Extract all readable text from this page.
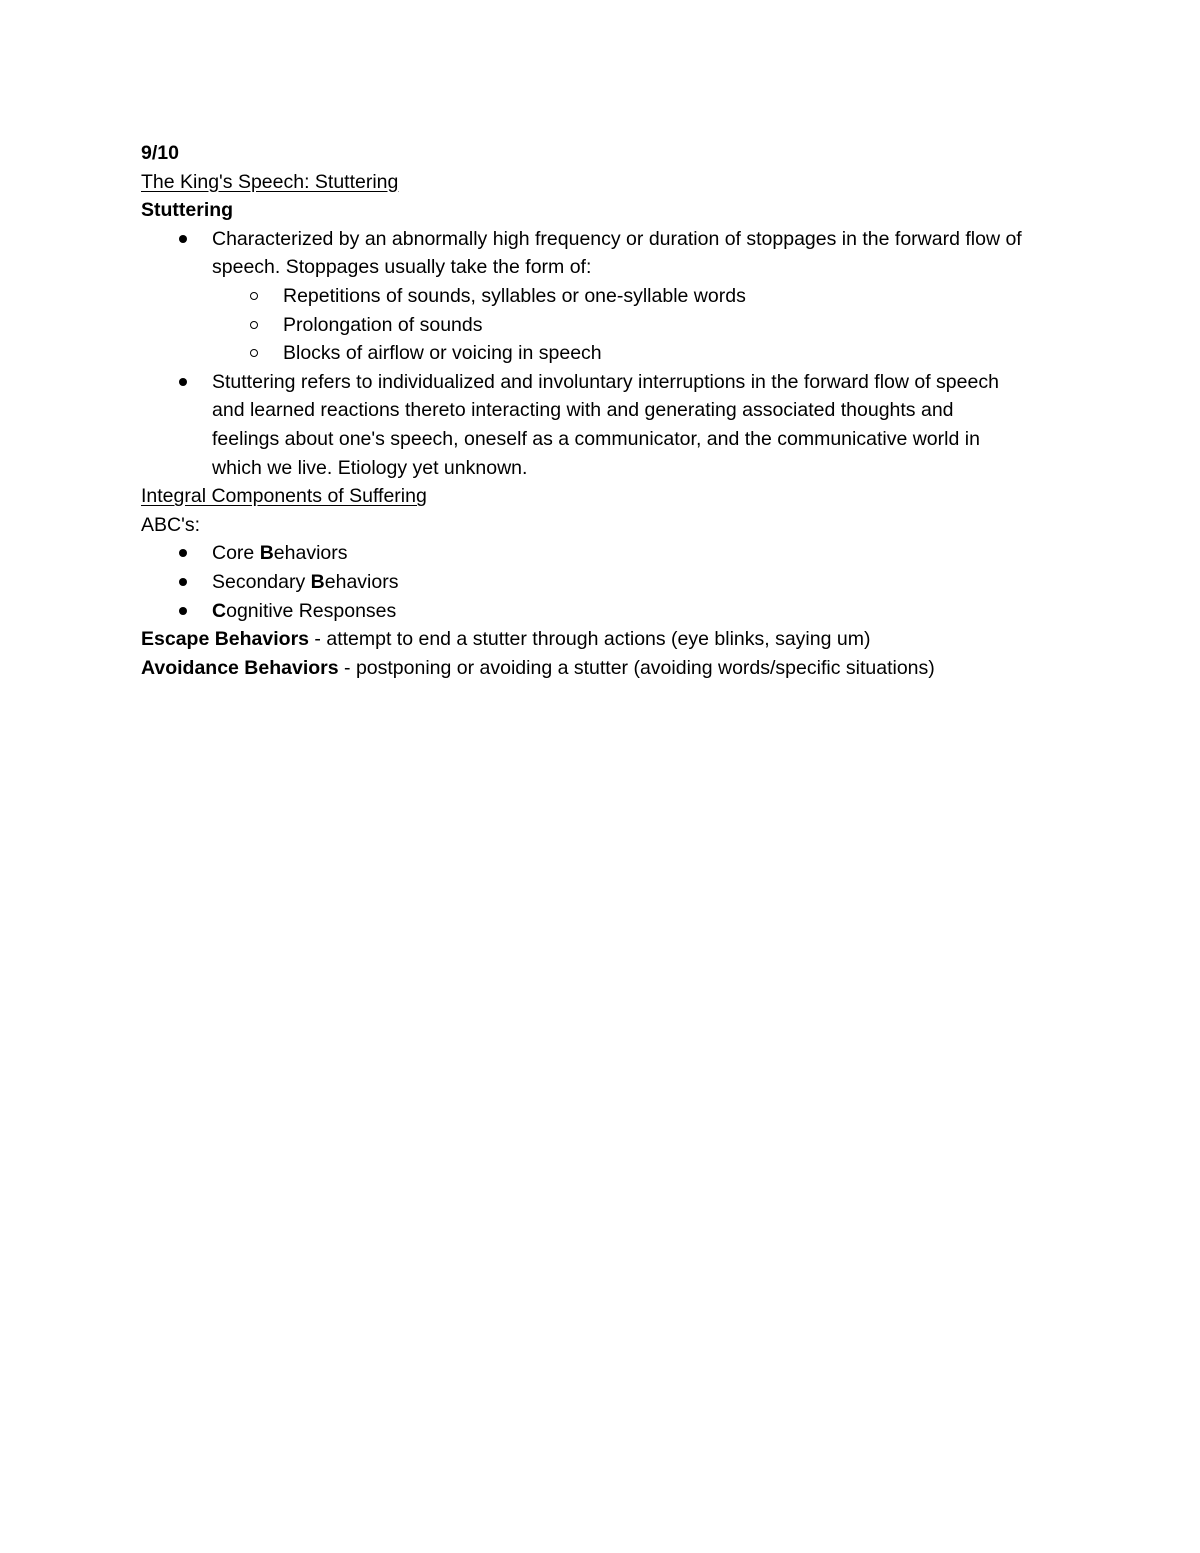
9/10

The King's Speech: Stuttering

Stuttering

Characterized by an abnormally high frequency or duration of stoppages in the forward flow of speech. Stoppages usually take the form of:
Repetitions of sounds, syllables or one-syllable words
Prolongation of sounds
Blocks of airflow or voicing in speech
Stuttering refers to individualized and involuntary interruptions in the forward flow of speech and learned reactions thereto interacting with and generating associated thoughts and feelings about one's speech, oneself as a communicator, and the communicative world in which we live. Etiology yet unknown.

Integral Components of Suffering

ABC's:

Core Behaviors
Secondary Behaviors
Cognitive Responses

Escape Behaviors - attempt to end a stutter through actions (eye blinks, saying um)

Avoidance Behaviors - postponing or avoiding a stutter (avoiding words/specific situations)
